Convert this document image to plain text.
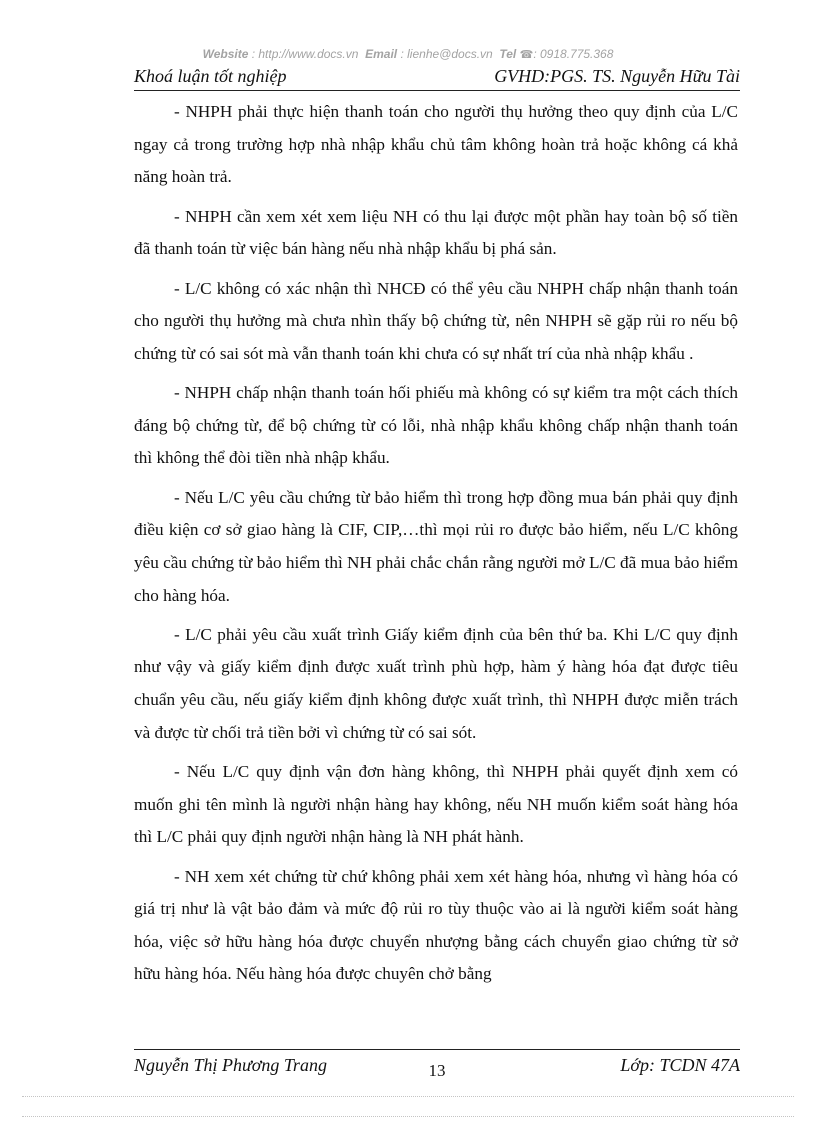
Website : http://www.docs.vn Email : lienhe@docs.vn Tel ☎: 0918.775.368
Khoá luận tốt nghiệp	GVHD:PGS. TS. Nguyễn Hữu Tài

- NHPH phải thực hiện thanh toán cho người thụ hưởng theo quy định của L/C ngay cả trong trường hợp nhà nhập khẩu chủ tâm không hoàn trả hoặc không cá khả năng hoàn trả.

- NHPH cần xem xét xem liệu NH có thu lại được một phần hay toàn bộ số tiền đã thanh toán từ việc bán hàng nếu nhà nhập khẩu bị phá sản.

- L/C không có xác nhận thì NHCĐ có thể yêu cầu NHPH chấp nhận thanh toán cho người thụ hưởng mà chưa nhìn thấy bộ chứng từ, nên NHPH sẽ gặp rủi ro nếu bộ chứng từ có sai sót mà vẫn thanh toán khi chưa có sự nhất trí của nhà nhập khẩu .

- NHPH chấp nhận thanh toán hối phiếu mà không có sự kiểm tra một cách thích đáng bộ chứng từ, để bộ chứng từ có lỗi, nhà nhập khẩu không chấp nhận thanh toán thì không thể đòi tiền nhà nhập khẩu.

- Nếu L/C yêu cầu chứng từ bảo hiểm thì trong hợp đồng mua bán phải quy định điều kiện cơ sở giao hàng là CIF, CIP,…thì mọi rủi ro được bảo hiểm, nếu L/C không yêu cầu chứng từ bảo hiểm thì NH phải chắc chắn rằng người mở L/C đã mua bảo hiểm cho hàng hóa.

- L/C phải yêu cầu xuất trình Giấy kiểm định của bên thứ ba. Khi L/C quy định như vậy và giấy kiểm định được xuất trình phù hợp, hàm ý hàng hóa đạt được tiêu chuẩn yêu cầu, nếu giấy kiểm định không được xuất trình, thì NHPH được miễn trách và được từ chối trả tiền bởi vì chứng từ có sai sót.

- Nếu L/C quy định vận đơn hàng không, thì NHPH phải quyết định xem có muốn ghi tên mình là người nhận hàng hay không, nếu NH muốn kiểm soát hàng hóa thì L/C phải quy định người nhận hàng là NH phát hành.

- NH xem xét chứng từ chứ không phải xem xét hàng hóa, nhưng vì hàng hóa có giá trị như là vật bảo đảm và mức độ rủi ro tùy thuộc vào ai là người kiểm soát hàng hóa, việc sở hữu hàng hóa được chuyển nhượng bằng cách chuyển giao chứng từ sở hữu hàng hóa. Nếu hàng hóa được chuyên chở bằng

Nguyễn Thị Phương Trang	13	Lớp: TCDN 47A
